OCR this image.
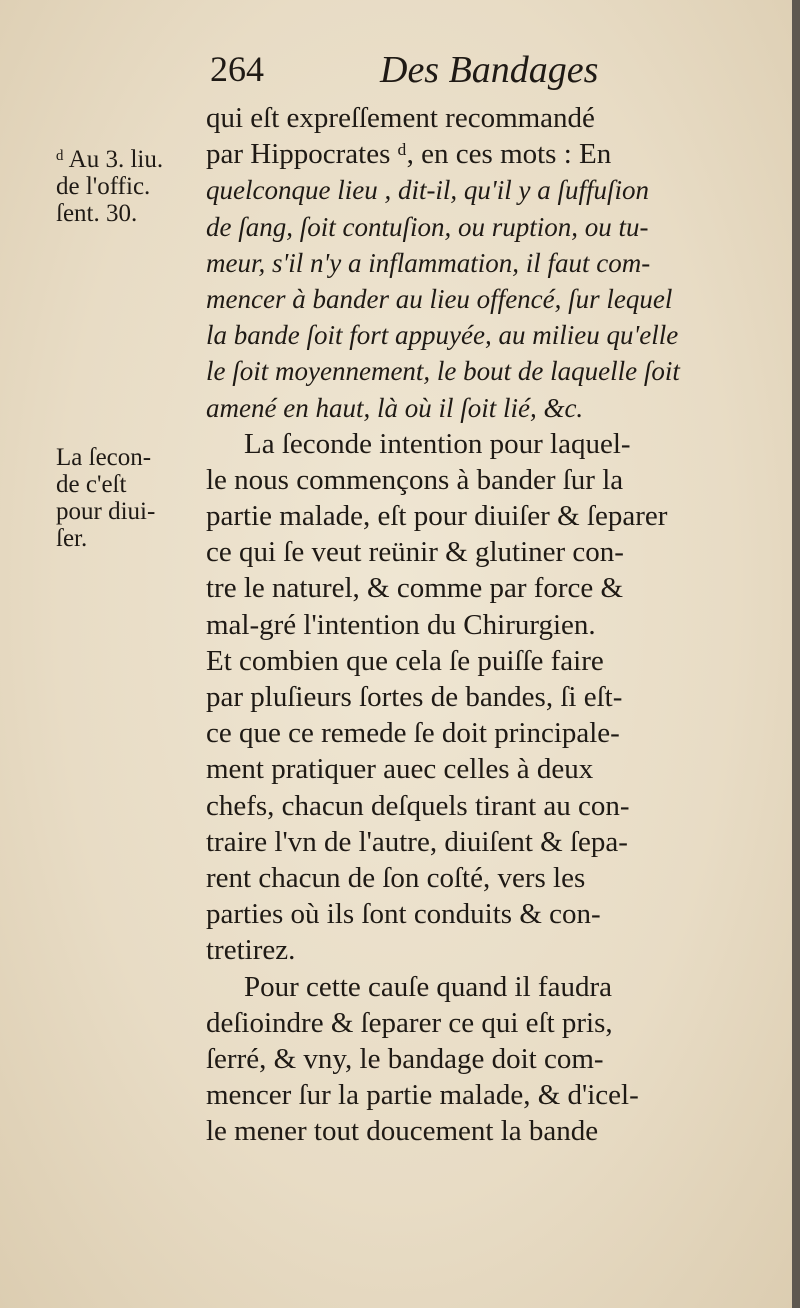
264	Des Bandages
ᵈ Au 3. liu.
de l'offic.
ſent. 30.
La ſecon-
de c'eſt
pour diui-
ſer.
qui eſt expreſſement recommandé
par Hippocrates ᵈ, en ces mots : En
quelconque lieu , dit-il, qu'il y a ſuffuſion
de ſang, ſoit contuſion, ou ruption, ou tu-
meur, s'il n'y a inflammation, il faut com-
mencer à bander au lieu offencé, ſur lequel
la bande ſoit fort appuyée, au milieu qu'elle
le ſoit moyennement, le bout de laquelle ſoit
amené en haut, là où il ſoit lié, &c.
La ſeconde intention pour laquel-
le nous commençons à bander ſur la
partie malade, eſt pour diuiſer & ſeparer
ce qui ſe veut reünir & glutiner con-
tre le naturel, & comme par force &
mal-gré l'intention du Chirurgien.
Et combien que cela ſe puiſſe faire
par pluſieurs ſortes de bandes, ſi eſt-
ce que ce remede ſe doit principale-
ment pratiquer auec celles à deux
chefs, chacun deſquels tirant au con-
traire l'vn de l'autre, diuiſent & ſepa-
rent chacun de ſon coſté, vers les
parties où ils ſont conduits & con-
tretirez.
Pour cette cauſe quand il faudra
deſioindre & ſeparer ce qui eſt pris,
ſerré, & vny, le bandage doit com-
mencer ſur la partie malade, & d'icel-
le mener tout doucement la bande
